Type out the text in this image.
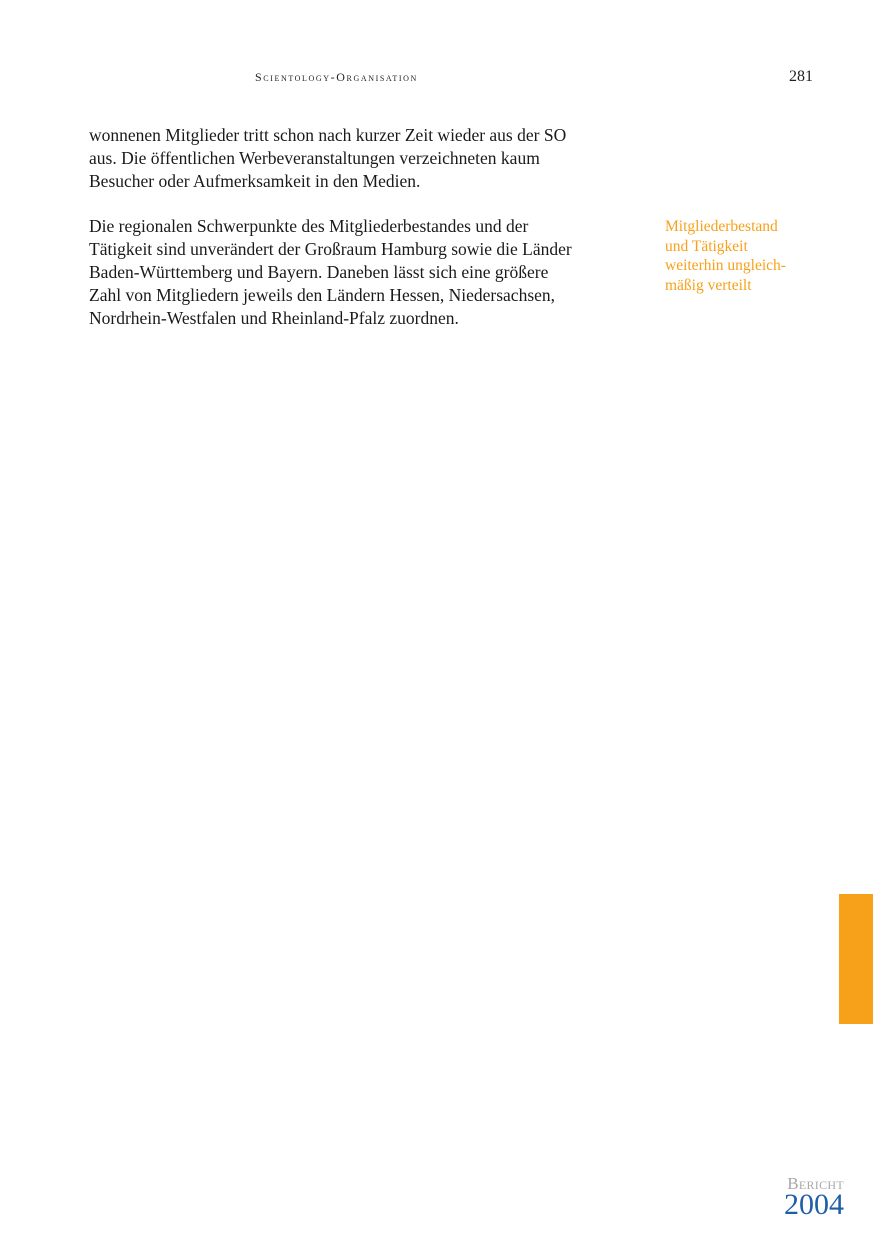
Scientology-Organisation	281

wonnenen Mitglieder tritt schon nach kurzer Zeit wieder aus der SO
aus. Die öffentlichen Werbeveranstaltungen verzeichneten kaum
Besucher oder Aufmerksamkeit in den Medien.

Die regionalen Schwerpunkte des Mitgliederbestandes und der
Tätigkeit sind unverändert der Großraum Hamburg sowie die Länder
Baden-Württemberg und Bayern. Daneben lässt sich eine größere
Zahl von Mitgliedern jeweils den Ländern Hessen, Niedersachsen,
Nordrhein-Westfalen und Rheinland-Pfalz zuordnen.

Mitgliederbestand
und Tätigkeit
weiterhin ungleich-
mäßig verteilt
Bericht
2004
